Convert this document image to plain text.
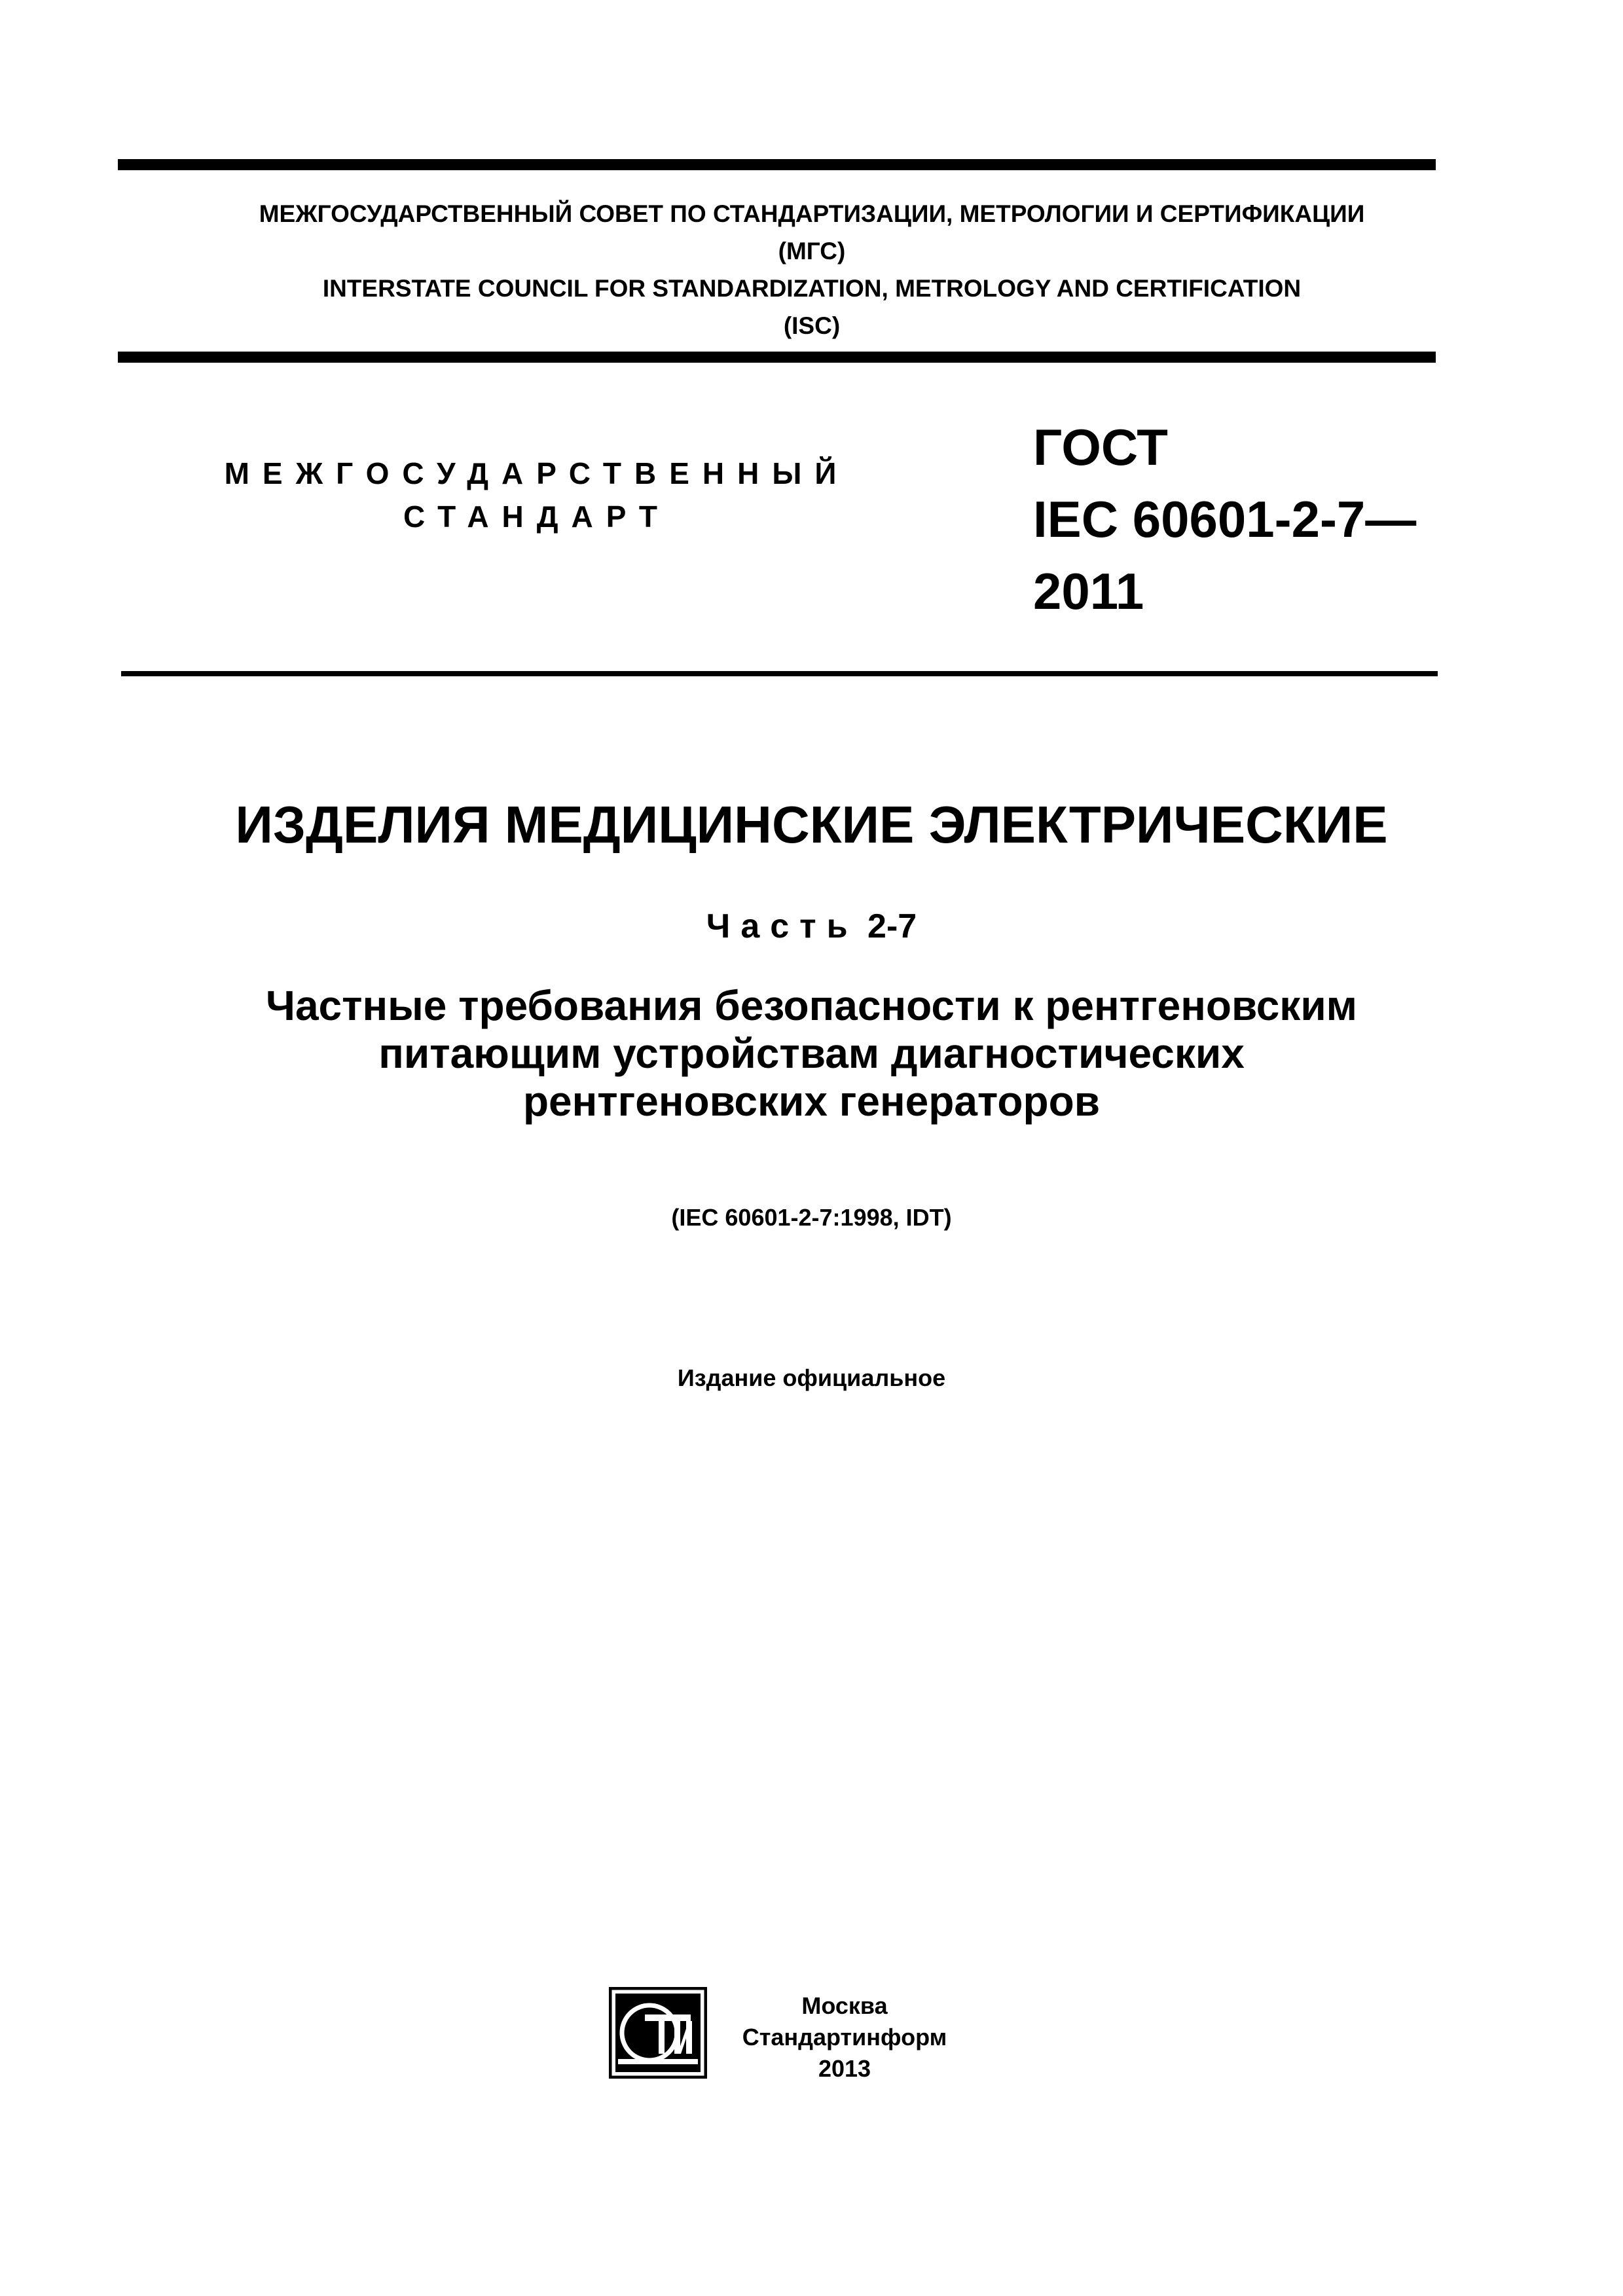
МЕЖГОСУДАРСТВЕННЫЙ СОВЕТ ПО СТАНДАРТИЗАЦИИ, МЕТРОЛОГИИ И СЕРТИФИКАЦИИ
(МГС)
INTERSTATE COUNCIL FOR STANDARDIZATION, METROLOGY AND CERTIFICATION
(ISC)
МЕЖГОСУДАРСТВЕННЫЙ
СТАНДАРТ
ГОСТ
IEC 60601-2-7—
2011
ИЗДЕЛИЯ МЕДИЦИНСКИЕ ЭЛЕКТРИЧЕСКИЕ
Часть 2-7
Частные требования безопасности к рентгеновским
питающим устройствам диагностических
рентгеновских генераторов
(IEC 60601-2-7:1998, IDT)
Издание официальное
Москва
Стандартинформ
2013
